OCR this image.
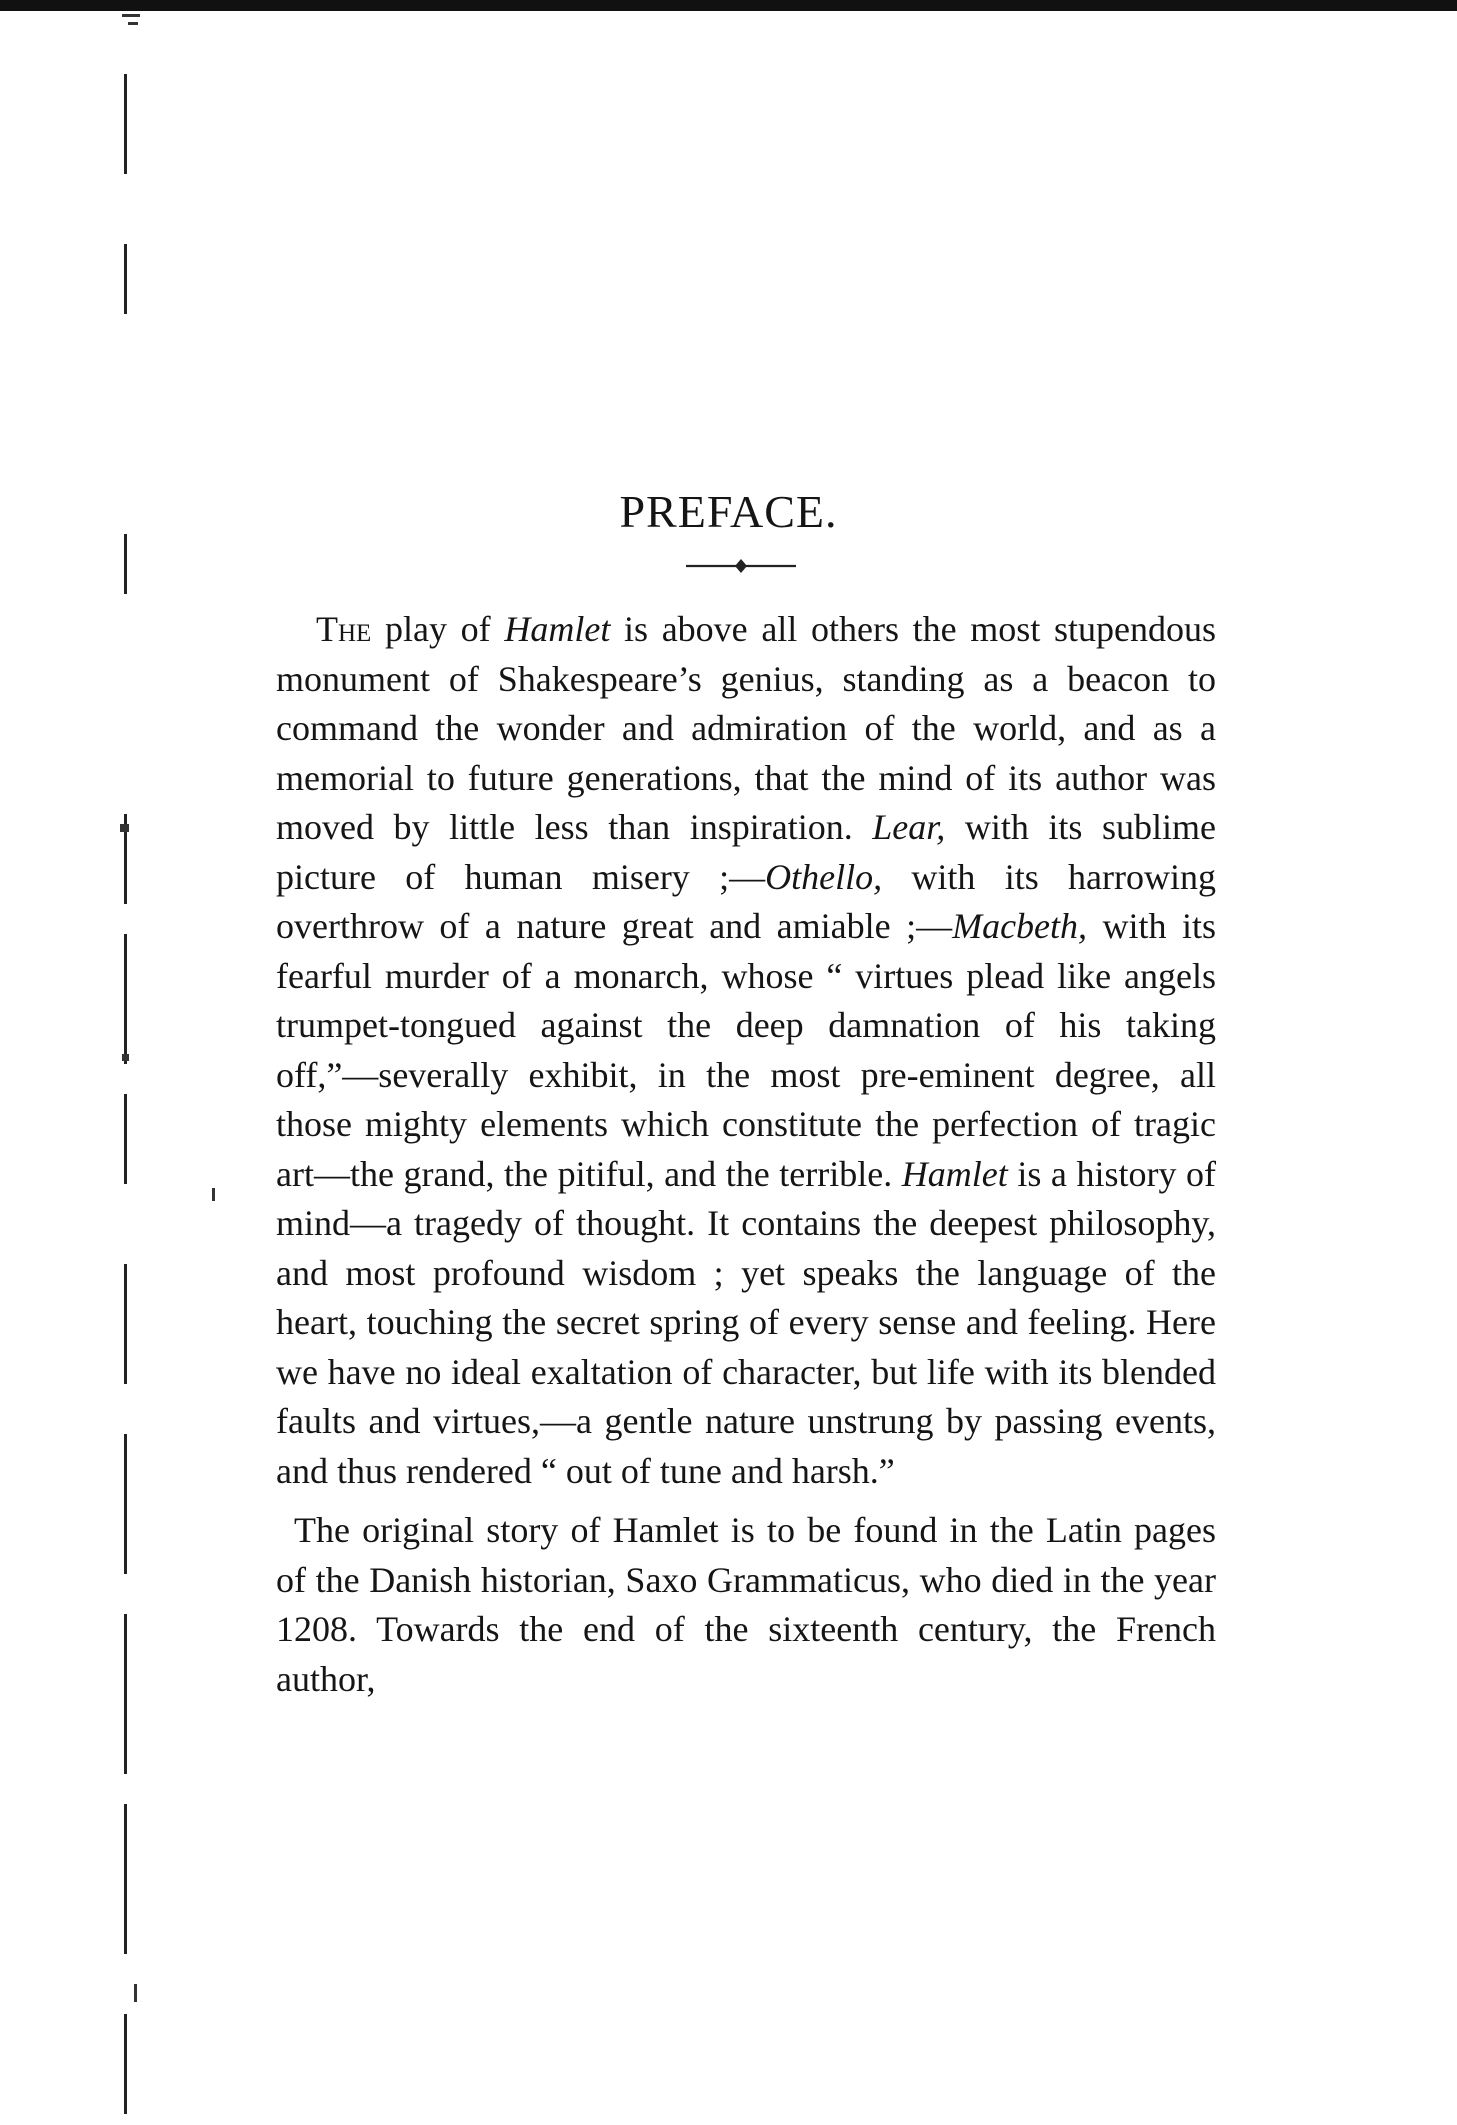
PREFACE.

The play of Hamlet is above all others the most stupendous monument of Shakespeare’s genius, standing as a beacon to command the wonder and admiration of the world, and as a memorial to future generations, that the mind of its author was moved by little less than inspiration. Lear, with its sublime picture of human misery ;—Othello, with its harrowing overthrow of a nature great and amiable ;—Macbeth, with its fearful murder of a monarch, whose “ virtues plead like angels trumpet-tongued against the deep damnation of his taking off,”—severally exhibit, in the most pre-eminent degree, all those mighty elements which constitute the perfection of tragic art—the grand, the pitiful, and the terrible. Hamlet is a history of mind—a tragedy of thought. It contains the deepest philosophy, and most profound wisdom ; yet speaks the language of the heart, touching the secret spring of every sense and feeling. Here we have no ideal exaltation of character, but life with its blended faults and virtues,—a gentle nature unstrung by passing events, and thus rendered “ out of tune and harsh.”

The original story of Hamlet is to be found in the Latin pages of the Danish historian, Saxo Grammaticus, who died in the year 1208. Towards the end of the sixteenth century, the French author,
